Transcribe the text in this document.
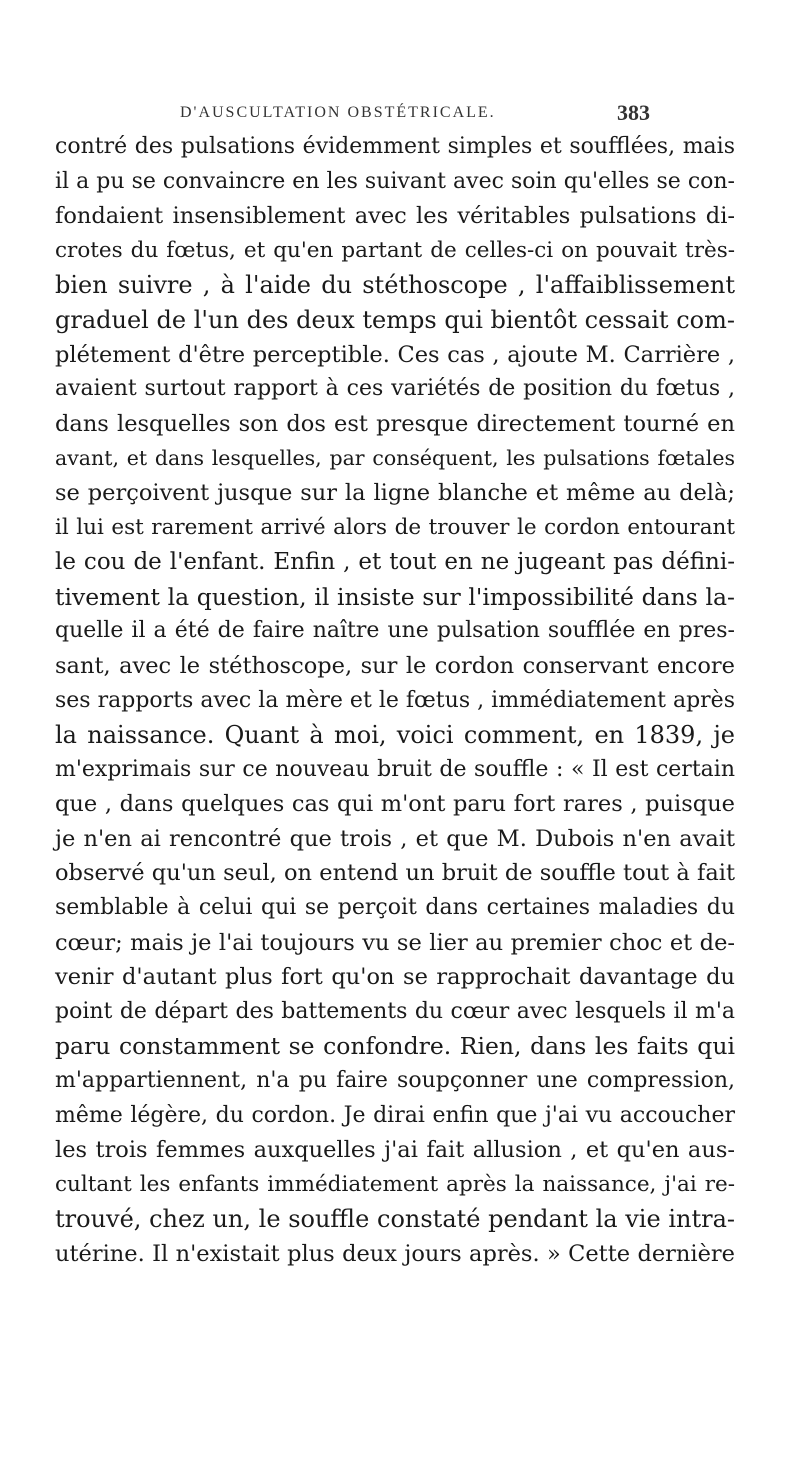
D'AUSCULTATION OBSTÉTRICALE.	383
contré des pulsations évidemment simples et soufflées, mais
il a pu se convaincre en les suivant avec soin qu'elles se con-
fondaient insensiblement avec les véritables pulsations di-
crotes du fœtus, et qu'en partant de celles-ci on pouvait très-
bien suivre , à l'aide du stéthoscope , l'affaiblissement
graduel de l'un des deux temps qui bientôt cessait com-
plétement d'être perceptible. Ces cas , ajoute M. Carrière ,
avaient surtout rapport à ces variétés de position du fœtus ,
dans lesquelles son dos est presque directement tourné en
avant, et dans lesquelles, par conséquent, les pulsations fœtales
se perçoivent jusque sur la ligne blanche et même au delà;
il lui est rarement arrivé alors de trouver le cordon entourant
le cou de l'enfant. Enfin , et tout en ne jugeant pas défini-
tivement la question, il insiste sur l'impossibilité dans la-
quelle il a été de faire naître une pulsation soufflée en pres-
sant, avec le stéthoscope, sur le cordon conservant encore
ses rapports avec la mère et le fœtus , immédiatement après
la naissance. Quant à moi, voici comment, en 1839, je
m'exprimais sur ce nouveau bruit de souffle : « Il est certain
que , dans quelques cas qui m'ont paru fort rares , puisque
je n'en ai rencontré que trois , et que M. Dubois n'en avait
observé qu'un seul, on entend un bruit de souffle tout à fait
semblable à celui qui se perçoit dans certaines maladies du
cœur; mais je l'ai toujours vu se lier au premier choc et de-
venir d'autant plus fort qu'on se rapprochait davantage du
point de départ des battements du cœur avec lesquels il m'a
paru constamment se confondre. Rien, dans les faits qui
m'appartiennent, n'a pu faire soupçonner une compression,
même légère, du cordon. Je dirai enfin que j'ai vu accoucher
les trois femmes auxquelles j'ai fait allusion , et qu'en aus-
cultant les enfants immédiatement après la naissance, j'ai re-
trouvé, chez un, le souffle constaté pendant la vie intra-
utérine. Il n'existait plus deux jours après. » Cette dernière
